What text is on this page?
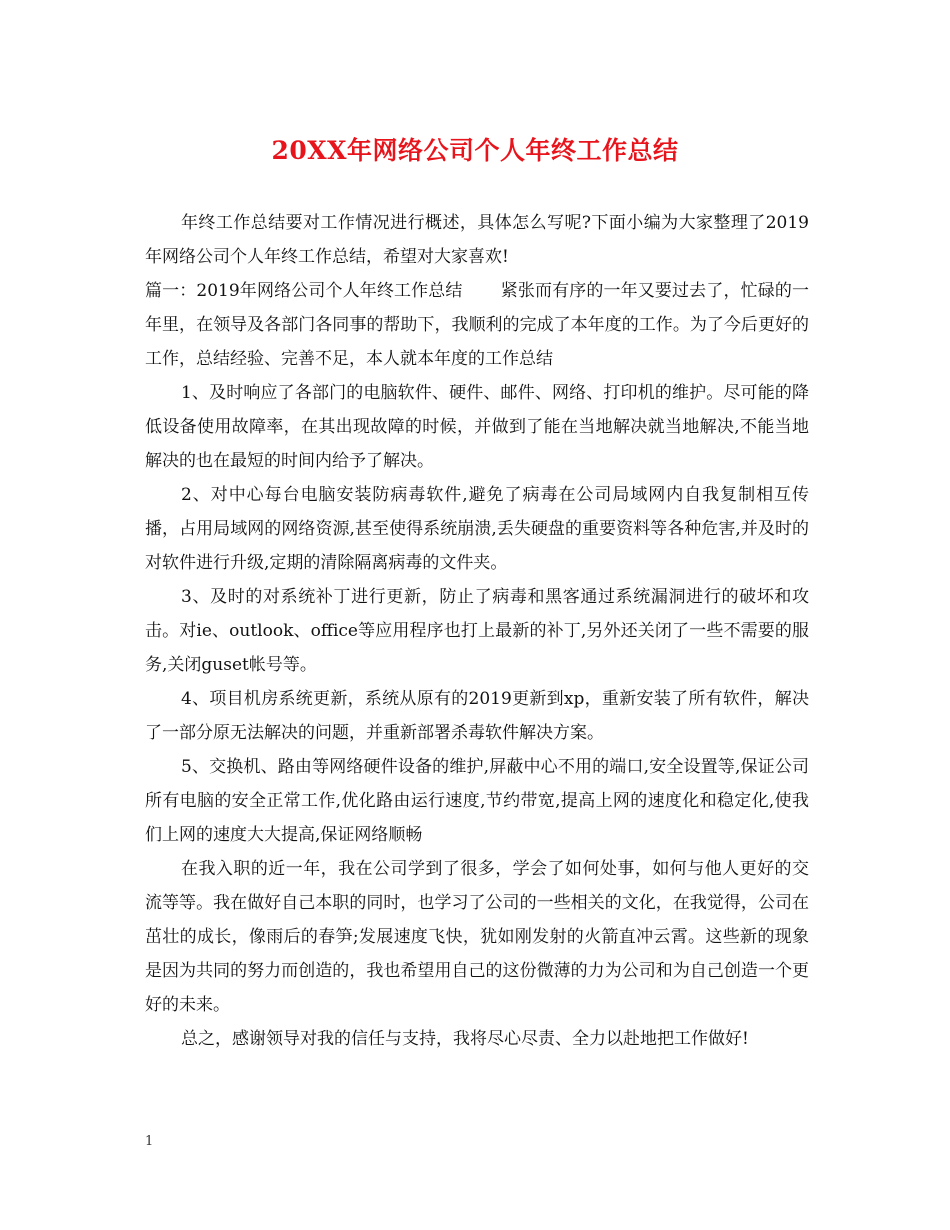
20XX年网络公司个人年终工作总结

年终工作总结要对工作情况进行概述，具体怎么写呢?下面小编为大家整理了2019年网络公司个人年终工作总结，希望对大家喜欢!

篇一：2019年网络公司个人年终工作总结 紧张而有序的一年又要过去了，忙碌的一年里，在领导及各部门各同事的帮助下，我顺利的完成了本年度的工作。为了今后更好的工作，总结经验、完善不足，本人就本年度的工作总结

1、及时响应了各部门的电脑软件、硬件、邮件、网络、打印机的维护。尽可能的降低设备使用故障率，在其出现故障的时候，并做到了能在当地解决就当地解决,不能当地解决的也在最短的时间内给予了解决。

2、对中心每台电脑安装防病毒软件,避免了病毒在公司局域网内自我复制相互传播，占用局域网的网络资源,甚至使得系统崩溃,丢失硬盘的重要资料等各种危害,并及时的对软件进行升级,定期的清除隔离病毒的文件夹。

3、及时的对系统补丁进行更新，防止了病毒和黑客通过系统漏洞进行的破坏和攻击。对ie、outlook、office等应用程序也打上最新的补丁,另外还关闭了一些不需要的服务,关闭guset帐号等。

4、项目机房系统更新，系统从原有的2019更新到xp，重新安装了所有软件，解决了一部分原无法解决的问题，并重新部署杀毒软件解决方案。

5、交换机、路由等网络硬件设备的维护,屏蔽中心不用的端口,安全设置等,保证公司所有电脑的安全正常工作,优化路由运行速度,节约带宽,提高上网的速度化和稳定化,使我们上网的速度大大提高,保证网络顺畅

在我入职的近一年，我在公司学到了很多，学会了如何处事，如何与他人更好的交流等等。我在做好自己本职的同时，也学习了公司的一些相关的文化，在我觉得，公司在茁壮的成长，像雨后的春笋;发展速度飞快，犹如刚发射的火箭直冲云霄。这些新的现象是因为共同的努力而创造的，我也希望用自己的这份微薄的力为公司和为自己创造一个更好的未来。

总之，感谢领导对我的信任与支持，我将尽心尽责、全力以赴地把工作做好!

1
